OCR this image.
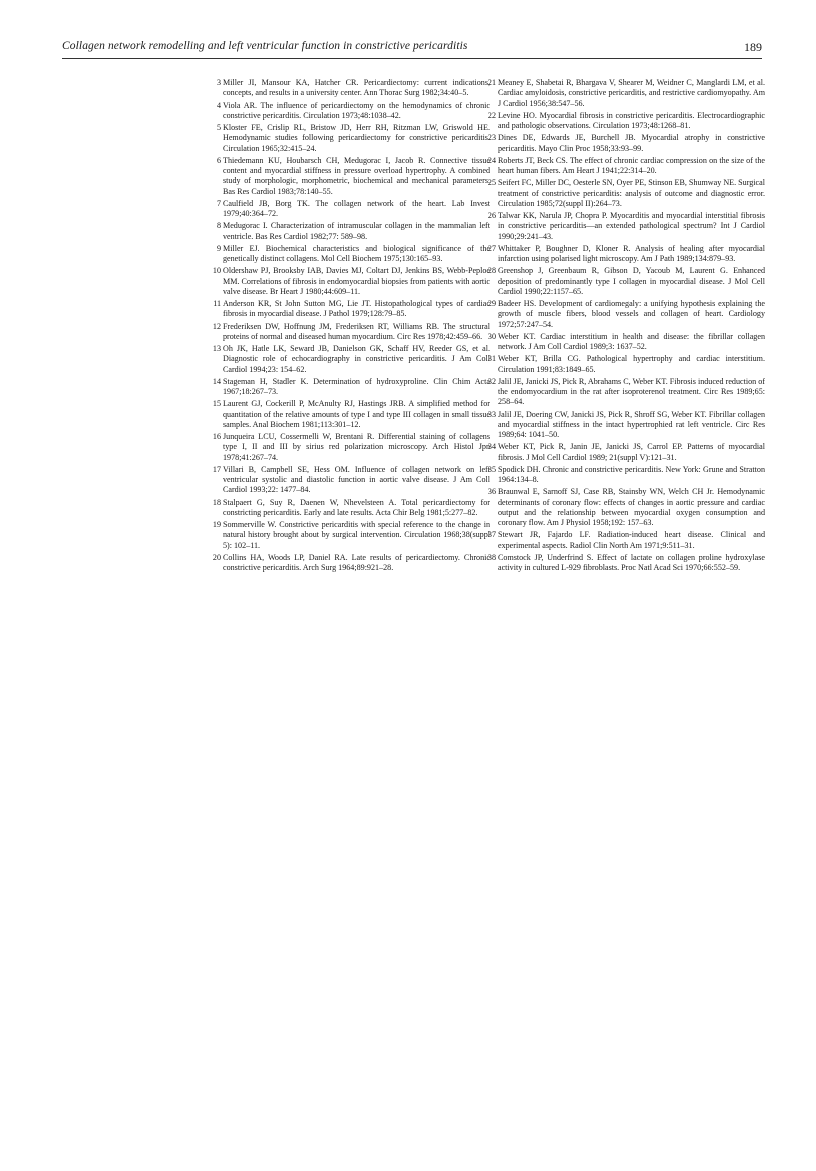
Collagen network remodelling and left ventricular function in constrictive pericarditis	189
3 Miller JI, Mansour KA, Hatcher CR. Pericardiectomy: current indications, concepts, and results in a university center. Ann Thorac Surg 1982;34:40–5.
4 Viola AR. The influence of pericardiectomy on the hemodynamics of chronic constrictive pericarditis. Circulation 1973;48:1038–42.
5 Kloster FE, Crislip RL, Bristow JD, Herr RH, Ritzman LW, Griswold HE. Hemodynamic studies following pericardiectomy for constrictive pericarditis. Circulation 1965;32:415–24.
6 Thiedemann KU, Houbarsch CH, Medugorac I, Jacob R. Connective tissue content and myocardial stiffness in pressure overload hypertrophy. A combined study of morphologic, morphometric, biochemical and mechanical parameters. Bas Res Cardiol 1983;78:140–55.
7 Caulfield JB, Borg TK. The collagen network of the heart. Lab Invest 1979;40:364–72.
8 Medugorac I. Characterization of intramuscular collagen in the mammalian left ventricle. Bas Res Cardiol 1982;77: 589–98.
9 Miller EJ. Biochemical characteristics and biological significance of the genetically distinct collagens. Mol Cell Biochem 1975;130:165–93.
10 Oldershaw PJ, Brooksby IAB, Davies MJ, Coltart DJ, Jenkins BS, Webb-Peploe MM. Correlations of fibrosis in endomyocardial biopsies from patients with aortic valve disease. Br Heart J 1980;44:609–11.
11 Anderson KR, St John Sutton MG, Lie JT. Histopathological types of cardiac fibrosis in myocardial disease. J Pathol 1979;128:79–85.
12 Frederiksen DW, Hoffnung JM, Frederiksen RT, Williams RB. The structural proteins of normal and diseased human myocardium. Circ Res 1978;42:459–66.
13 Oh JK, Hatle LK, Seward JB, Danielson GK, Schaff HV, Reeder GS, et al. Diagnostic role of echocardiography in constrictive pericarditis. J Am Coll Cardiol 1994;23: 154–62.
14 Stageman H, Stadler K. Determination of hydroxyproline. Clin Chim Acta 1967;18:267–73.
15 Laurent GJ, Cockerill P, McAnulty RJ, Hastings JRB. A simplified method for quantitation of the relative amounts of type I and type III collagen in small tissue samples. Anal Biochem 1981;113:301–12.
16 Junqueira LCU, Cossermelli W, Brentani R. Differential staining of collagens type I, II and III by sirius red polarization microscopy. Arch Histol Jpn 1978;41:267–74.
17 Villari B, Campbell SE, Hess OM. Influence of collagen network on left ventricular systolic and diastolic function in aortic valve disease. J Am Coll Cardiol 1993;22: 1477–84.
18 Stalpaert G, Suy R, Daenen W, Nhevelsteen A. Total pericardiectomy for constricting pericarditis. Early and late results. Acta Chir Belg 1981;5:277–82.
19 Sommerville W. Constrictive pericarditis with special reference to the change in natural history brought about by surgical intervention. Circulation 1968;38(suppl 5): 102–11.
20 Collins HA, Woods LP, Daniel RA. Late results of pericardiectomy. Chronic constrictive pericarditis. Arch Surg 1964;89:921–28.
21 Meaney E, Shabetai R, Bhargava V, Shearer M, Weidner C, Manglardi LM, et al. Cardiac amyloidosis, constrictive pericarditis, and restrictive cardiomyopathy. Am J Cardiol 1956;38:547–56.
22 Levine HO. Myocardial fibrosis in constrictive pericarditis. Electrocardiographic and pathologic observations. Circulation 1973;48:1268–81.
23 Dines DE, Edwards JE, Burchell JB. Myocardial atrophy in constrictive pericarditis. Mayo Clin Proc 1958;33:93–99.
24 Roberts JT, Beck CS. The effect of chronic cardiac compression on the size of the heart human fibers. Am Heart J 1941;22:314–20.
25 Seifert FC, Miller DC, Oesterle SN, Oyer PE, Stinson EB, Shumway NE. Surgical treatment of constrictive pericarditis: analysis of outcome and diagnostic error. Circulation 1985;72(suppl II):264–73.
26 Talwar KK, Narula JP, Chopra P. Myocarditis and myocardial interstitial fibrosis in constrictive pericarditis—an extended pathological spectrum? Int J Cardiol 1990;29:241–43.
27 Whittaker P, Boughner D, Kloner R. Analysis of healing after myocardial infarction using polarised light microscopy. Am J Path 1989;134:879–93.
28 Greenshop J, Greenbaum R, Gibson D, Yacoub M, Laurent G. Enhanced deposition of predominantly type I collagen in myocardial disease. J Mol Cell Cardiol 1990;22:1157–65.
29 Badeer HS. Development of cardiomegaly: a unifying hypothesis explaining the growth of muscle fibers, blood vessels and collagen of heart. Cardiology 1972;57:247–54.
30 Weber KT. Cardiac interstitium in health and disease: the fibrillar collagen network. J Am Coll Cardiol 1989;3: 1637–52.
31 Weber KT, Brilla CG. Pathological hypertrophy and cardiac interstitium. Circulation 1991;83:1849–65.
32 Jalil JE, Janicki JS, Pick R, Abrahams C, Weber KT. Fibrosis induced reduction of the endomyocardium in the rat after isoproterenol treatment. Circ Res 1989;65: 258–64.
33 Jalil JE, Doering CW, Janicki JS, Pick R, Shroff SG, Weber KT. Fibrillar collagen and myocardial stiffness in the intact hypertrophied rat left ventricle. Circ Res 1989;64: 1041–50.
34 Weber KT, Pick R, Janin JE, Janicki JS, Carrol EP. Patterns of myocardial fibrosis. J Mol Cell Cardiol 1989; 21(suppl V):121–31.
35 Spodick DH. Chronic and constrictive pericarditis. New York: Grune and Stratton 1964:134–8.
36 Braunwal E, Sarnoff SJ, Case RB, Stainsby WN, Welch CH Jr. Hemodynamic determinants of coronary flow: effects of changes in aortic pressure and cardiac output and the relationship between myocardial oxygen consumption and coronary flow. Am J Physiol 1958;192: 157–63.
37 Stewart JR, Fajardo LF. Radiation-induced heart disease. Clinical and experimental aspects. Radiol Clin North Am 1971;9:511–31.
38 Comstock JP, Underfrind S. Effect of lactate on collagen proline hydroxylase activity in cultured L-929 fibroblasts. Proc Natl Acad Sci 1970;66:552–59.
